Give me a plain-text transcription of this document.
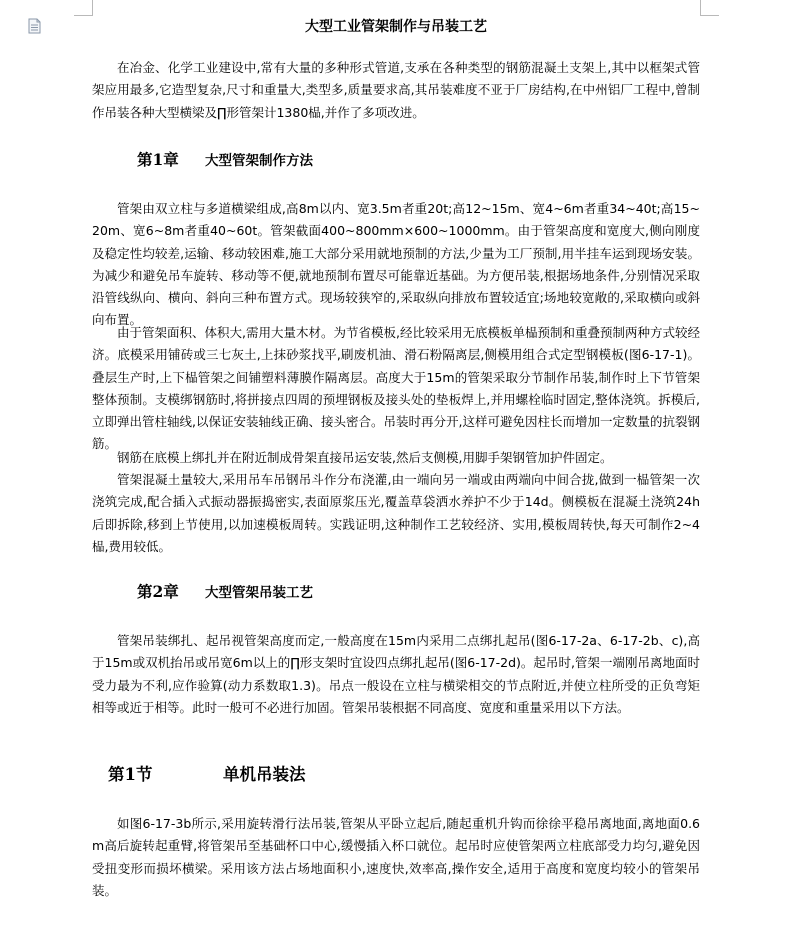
大型工业管架制作与吊装工艺

在冶金、化学工业建设中,常有大量的多种形式管道,支承在各种类型的钢筋混凝土支架上,其中以框架式管架应用最多,它造型复杂,尺寸和重量大,类型多,质量要求高,其吊装难度不亚于厂房结构,在中州铝厂工程中,曾制作吊装各种大型横梁及∏形管架计1380榀,并作了多项改进。

第1章 大型管架制作方法

管架由双立柱与多道横梁组成,高8m以内、宽3.5m者重20t;高12~15m、宽4~6m者重34~40t;高15~20m、宽6~8m者重40~60t。管架截面400~800mm×600~1000mm。由于管架高度和宽度大,侧向刚度及稳定性均较差,运输、移动较困难,施工大部分采用就地预制的方法,少量为工厂预制,用半挂车运到现场安装。为减少和避免吊车旋转、移动等不便,就地预制布置尽可能靠近基础。为方便吊装,根据场地条件,分别情况采取沿管线纵向、横向、斜向三种布置方式。现场较狭窄的,采取纵向排放布置较适宜;场地较宽敞的,采取横向或斜向布置。

由于管架面积、体积大,需用大量木材。为节省模板,经比较采用无底模板单榀预制和重叠预制两种方式较经济。底模采用铺砖或三七灰土,上抹砂浆找平,刷废机油、滑石粉隔离层,侧模用组合式定型钢模板(图6-17-1)。叠层生产时,上下榀管架之间铺塑料薄膜作隔离层。高度大于15m的管架采取分节制作吊装,制作时上下节管架整体预制。支模绑钢筋时,将拼接点四周的预埋钢板及接头处的垫板焊上,并用螺栓临时固定,整体浇筑。拆模后,立即弹出管柱轴线,以保证安装轴线正确、接头密合。吊装时再分开,这样可避免因柱长而增加一定数量的抗裂钢筋。

钢筋在底模上绑扎并在附近制成骨架直接吊运安装,然后支侧模,用脚手架钢管加护件固定。

管架混凝土量较大,采用吊车吊钢吊斗作分布浇灌,由一端向另一端或由两端向中间合拢,做到一榀管架一次浇筑完成,配合插入式振动器振捣密实,表面原浆压光,覆盖草袋洒水养护不少于14d。侧模板在混凝土浇筑24h后即拆除,移到上节使用,以加速模板周转。实践证明,这种制作工艺较经济、实用,模板周转快,每天可制作2~4榀,费用较低。

第2章 大型管架吊装工艺

管架吊装绑扎、起吊视管架高度而定,一般高度在15m内采用二点绑扎起吊(图6-17-2a、6-17-2b、c),高于15m或双机抬吊或吊宽6m以上的∏形支架时宜设四点绑扎起吊(图6-17-2d)。起吊时,管架一端刚吊离地面时受力最为不利,应作验算(动力系数取1.3)。吊点一般设在立柱与横梁相交的节点附近,并使立柱所受的正负弯矩相等或近于相等。此时一般可不必进行加固。管架吊装根据不同高度、宽度和重量采用以下方法。

第1节	单机吊装法

如图6-17-3b所示,采用旋转滑行法吊装,管架从平卧立起后,随起重机升钩而徐徐平稳吊离地面,离地面0.6m高后旋转起重臂,将管架吊至基础杯口中心,缓慢插入杯口就位。起吊时应使管架两立柱底部受力均匀,避免因受扭变形而损坏横梁。采用该方法占场地面积小,速度快,效率高,操作安全,适用于高度和宽度均较小的管架吊装。
